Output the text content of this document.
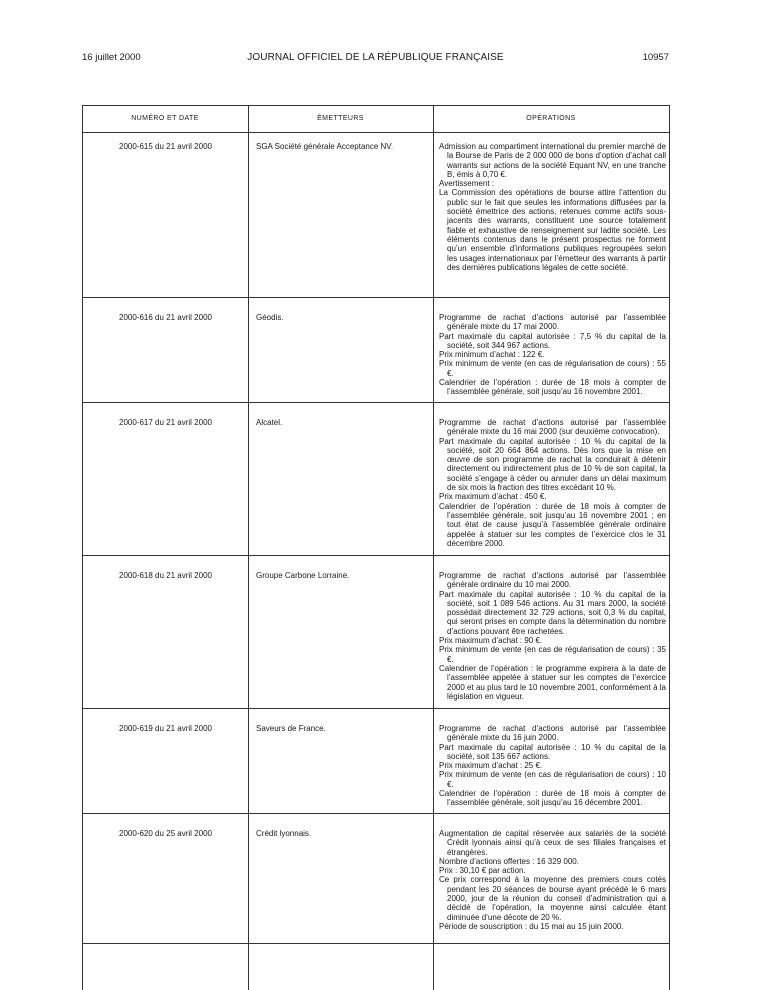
16 juillet 2000	JOURNAL OFFICIEL DE LA RÉPUBLIQUE FRANÇAISE	10957
NUMÉRO ET DATE	ÉMETTEURS	OPÉRATIONS
2000-615 du 21 avril 2000	SGA Société générale Acceptance NV.	Admission au compartiment international du premier marché de la Bourse de Paris de 2 000 000 de bons d’option d’achat call warrants sur actions de la société Equant NV, en une tranche B, émis à 0,70 €.

Avertissement :

La Commission des opérations de bourse attire l’attention du public sur le fait que seules les informations diffusées par la société émettrice des actions, retenues comme actifs sous-jacents des warrants, constituent une source totalement fiable et exhaustive de renseignement sur ladite société. Les éléments contenus dans le présent prospectus ne forment qu’un ensemble d’informations publiques regroupées selon les usages internationaux par l’émetteur des warrants à partir des dernières publications légales de cette société.

2000-616 du 21 avril 2000	Géodis.	Programme de rachat d’actions autorisé par l’assemblée générale mixte du 17 mai 2000.

Part maximale du capital autorisée : 7,5 % du capital de la société, soit 344 967 actions.

Prix minimum d’achat : 122 €.

Prix minimum de vente (en cas de régularisation de cours) : 55 €.

Calendrier de l’opération : durée de 18 mois à compter de l’assemblée générale, soit jusqu’au 16 novembre 2001.

2000-617 du 21 avril 2000	Alcatel.	Programme de rachat d’actions autorisé par l’assemblée générale mixte du 16 mai 2000 (sur deuxième convocation).

Part maximale du capital autorisée : 10 % du capital de la société, soit 20 664 864 actions. Dès lors que la mise en œuvre de son programme de rachat la conduirait à détenir directement ou indirectement plus de 10 % de son capital, la société s’engage à céder ou annuler dans un délai maximum de six mois la fraction des titres excédant 10 %.

Prix maximum d’achat : 450 €.

Calendrier de l’opération : durée de 18 mois à compter de l’assemblée générale, soit jusqu’au 16 novembre 2001 ; en tout état de cause jusqu’à l’assemblée générale ordinaire appelée à statuer sur les comptes de l’exercice clos le 31 décembre 2000.

2000-618 du 21 avril 2000	Groupe Carbone Lorraine.	Programme de rachat d’actions autorisé par l’assemblée générale ordinaire du 10 mai 2000.

Part maximale du capital autorisée : 10 % du capital de la société, soit 1 089 546 actions. Au 31 mars 2000, la société possédait directement 32 729 actions, soit 0,3 % du capital, qui seront prises en compte dans la détermination du nombre d’actions pouvant être rachetées.

Prix maximum d’achat : 90 €.

Prix minimum de vente (en cas de régularisation de cours) : 35 €.

Calendrier de l’opération : le programme expirera à la date de l’assemblée appelée à statuer sur les comptes de l’exercice 2000 et au plus tard le 10 novembre 2001, conformément à la législation en vigueur.

2000-619 du 21 avril 2000	Saveurs de France.	Programme de rachat d’actions autorisé par l’assemblée générale mixte du 16 juin 2000.

Part maximale du capital autorisée : 10 % du capital de la société, soit 135 667 actions.

Prix maximum d’achat : 25 €.

Prix minimum de vente (en cas de régularisation de cours) : 10 €.

Calendrier de l’opération : durée de 18 mois à compter de l’assemblée générale, soit jusqu’au 16 décembre 2001.

2000-620 du 25 avril 2000	Crédit lyonnais.	Augmentation de capital réservée aux salariés de la société Crédit lyonnais ainsi qu’à ceux de ses filiales françaises et étrangères.

Nombre d’actions offertes : 16 329 000.

Prix : 30,10 € par action.

Ce prix correspond à la moyenne des premiers cours cotés pendant les 20 séances de bourse ayant précédé le 6 mars 2000, jour de la réunion du conseil d’administration qui a décidé de l’opération, la moyenne ainsi calculée étant diminuée d’une décote de 20 %.

Période de souscription : du 15 mai au 15 juin 2000.
